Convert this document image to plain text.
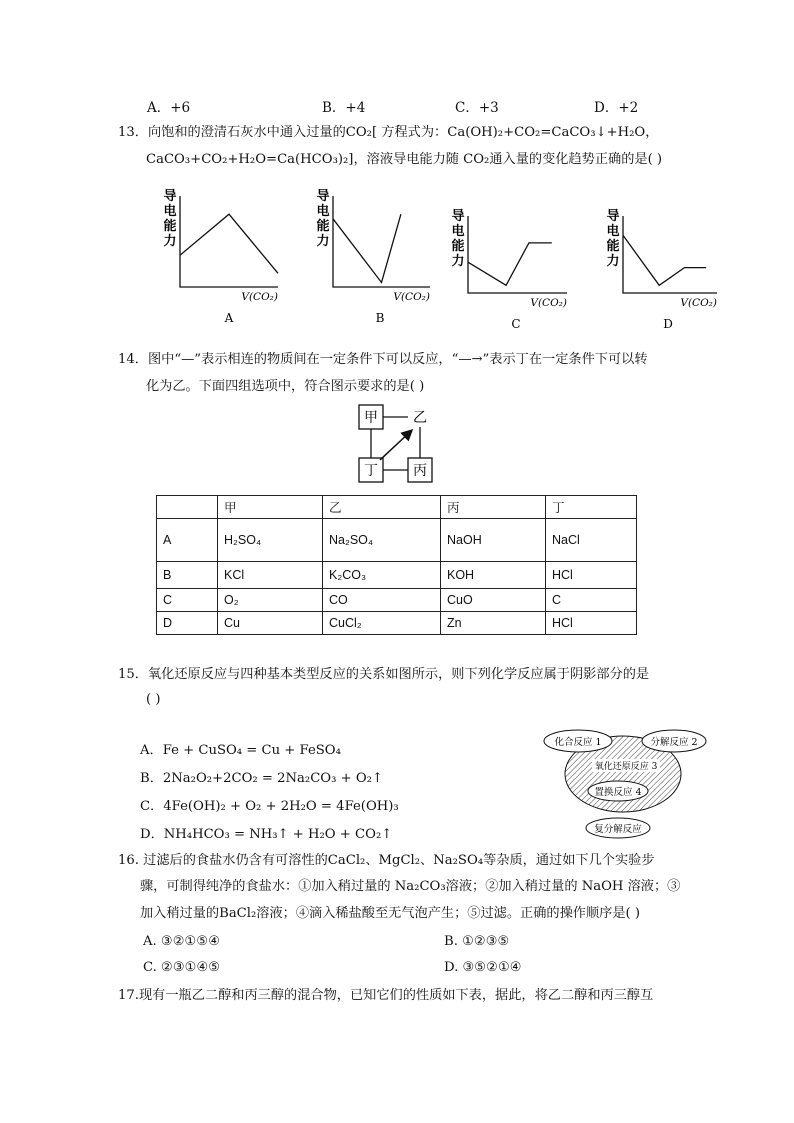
A．+6	B．+4	C．+3	D．+2
13．向饱和的澄清石灰水中通入过量的CO₂[ 方程式为：Ca(OH)₂+CO₂=CaCO₃↓+H₂O，
CaCO₃+CO₂+H₂O=Ca(HCO₃)₂]，溶液导电能力随 CO₂通入量的变化趋势正确的是( )
导
电
能
力
V(CO₂)
A
导
电
能
力
V(CO₂)
B
导
电
能
力
V(CO₂)
C
导
电
能
力
V(CO₂)
D
14．图中“—”表示相连的物质间在一定条件下可以反应，“—→”表示丁在一定条件下可以转
化为乙。下面四组选项中，符合图示要求的是( )
甲	乙
丁	丙
	甲	乙	丙	丁
A	H₂SO₄	Na₂SO₄	NaOH	NaCl
B	KCl	K₂CO₃	KOH	HCl
C	O₂	CO	CuO	C
D	Cu	CuCl₂	Zn	HCl
15．氧化还原反应与四种基本类型反应的关系如图所示，则下列化学反应属于阴影部分的是
( )
A．Fe + CuSO₄ = Cu + FeSO₄
B．2Na₂O₂+2CO₂ = 2Na₂CO₃ + O₂↑
C．4Fe(OH)₂ + O₂ + 2H₂O = 4Fe(OH)₃
D．NH₄HCO₃ = NH₃↑ + H₂O + CO₂↑
化合反应 1	分解反应 2
氧化还原反应 3
置换反应 4
复分解反应
16. 过滤后的食盐水仍含有可溶性的CaCl₂、MgCl₂、Na₂SO₄等杂质，通过如下几个实验步
骤，可制得纯净的食盐水：①加入稍过量的 Na₂CO₃溶液；②加入稍过量的 NaOH 溶液；③
加入稍过量的BaCl₂溶液；④滴入稀盐酸至无气泡产生；⑤过滤。正确的操作顺序是( )
A. ③②①⑤④	B. ①②③⑤
C. ②③①④⑤	D. ③⑤②①④
17.现有一瓶乙二醇和丙三醇的混合物，已知它们的性质如下表，据此，将乙二醇和丙三醇互
